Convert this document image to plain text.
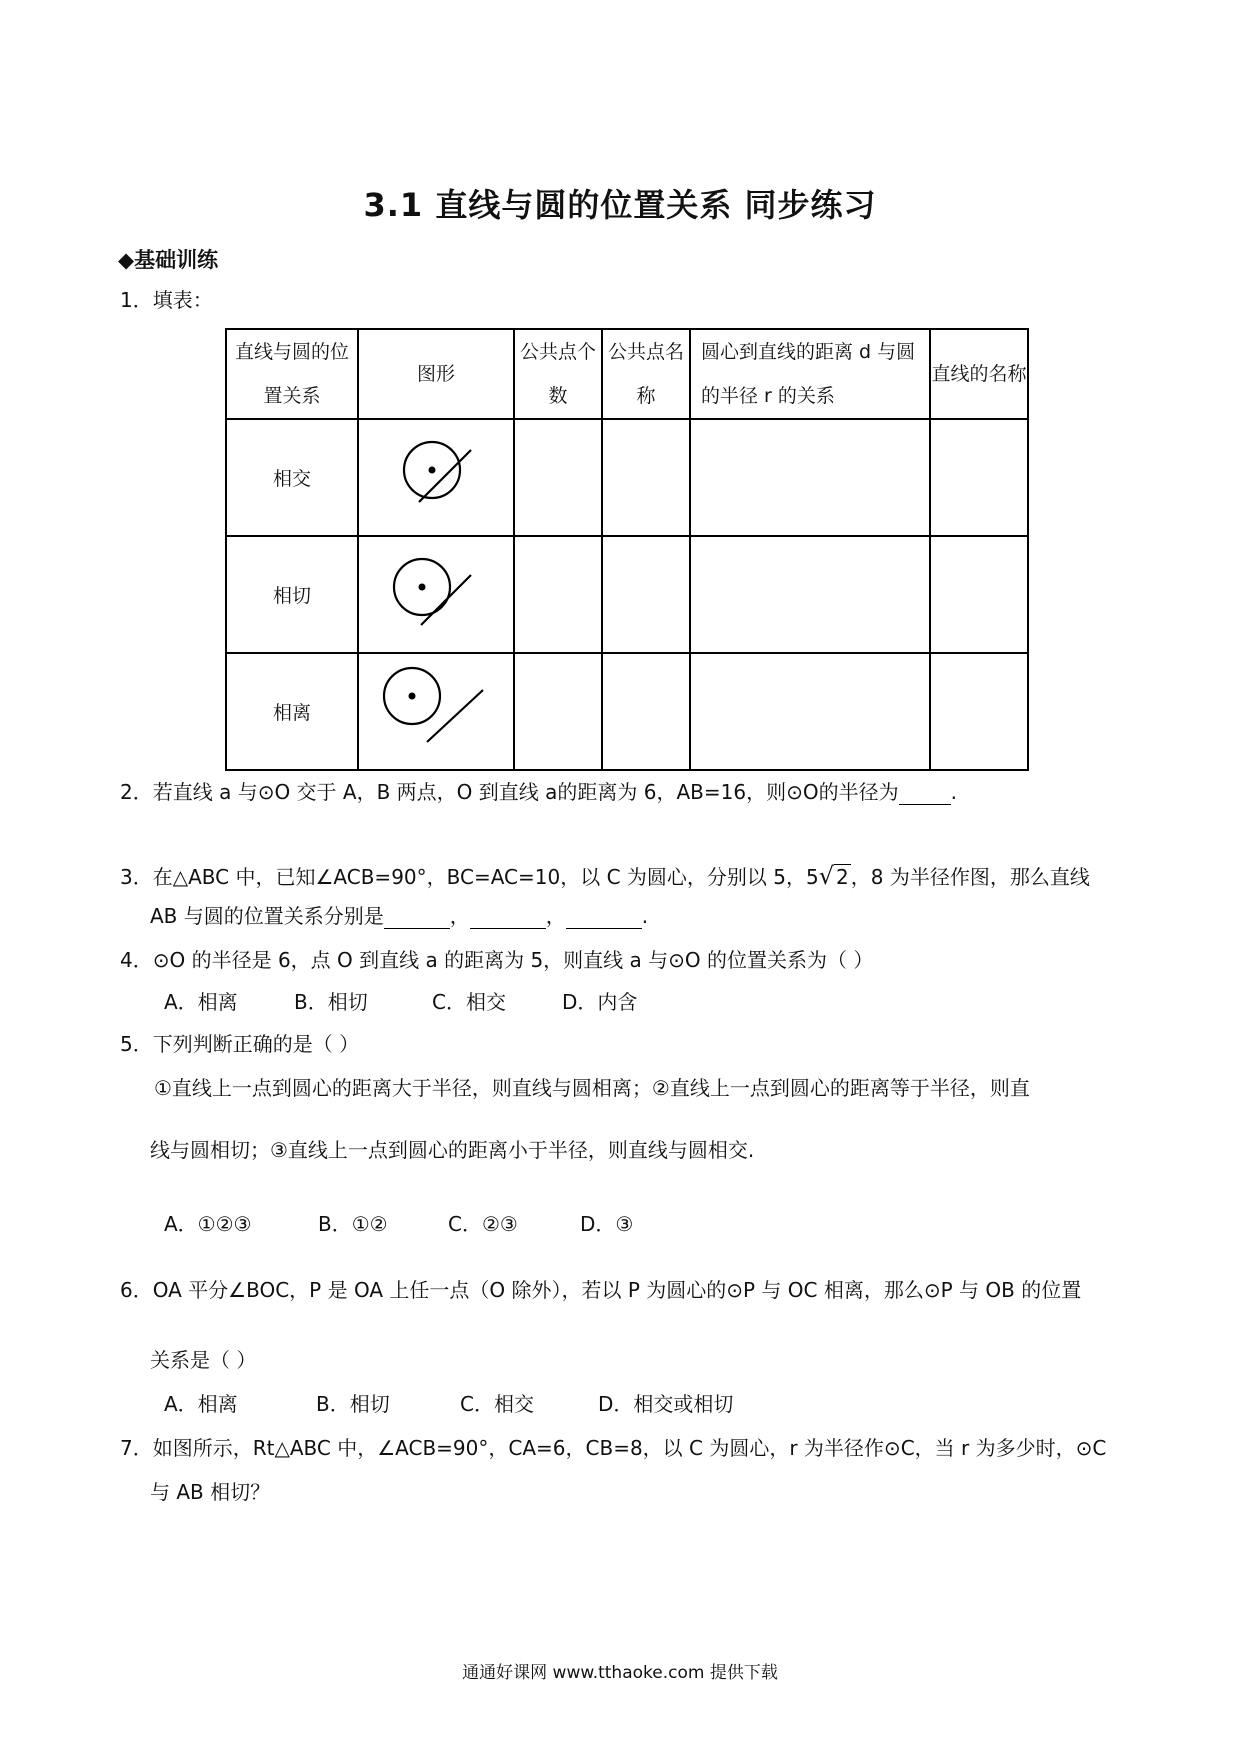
3.1 直线与圆的位置关系 同步练习
◆基础训练
1．填表：
直线与圆的位置关系	图形	公共点个数	公共点名称	圆心到直线的距离 d 与圆的半径 r 的关系	直线的名称
相交					
相切					
相离					
2．若直线 a 与⊙O 交于 A，B 两点，O 到直线 a的距离为 6，AB=16，则⊙O的半径为	.
3．在△ABC 中，已知∠ACB=90°，BC=AC=10，以 C 为圆心，分别以 5，5√ 2 ，8 为半径作图，那么直线
AB 与圆的位置关系分别是	，	，	.
4．⊙O 的半径是 6，点 O 到直线 a 的距离为 5，则直线 a 与⊙O 的位置关系为（ ）
A．相离	B．相切	C．相交	D．内含
5．下列判断正确的是（ ）
①直线上一点到圆心的距离大于半径，则直线与圆相离；②直线上一点到圆心的距离等于半径，则直
线与圆相切；③直线上一点到圆心的距离小于半径，则直线与圆相交.
A．①②③	B．①②	C．②③	D．③
6．OA 平分∠BOC，P 是 OA 上任一点（O 除外），若以 P 为圆心的⊙P 与 OC 相离，那么⊙P 与 OB 的位置
关系是（ ）
A．相离	B．相切	C．相交	D．相交或相切
7．如图所示，Rt△ABC 中，∠ACB=90°，CA=6，CB=8，以 C 为圆心，r 为半径作⊙C，当 r 为多少时，⊙C
与 AB 相切？
通通好课网 www.tthaoke.com 提供下载
